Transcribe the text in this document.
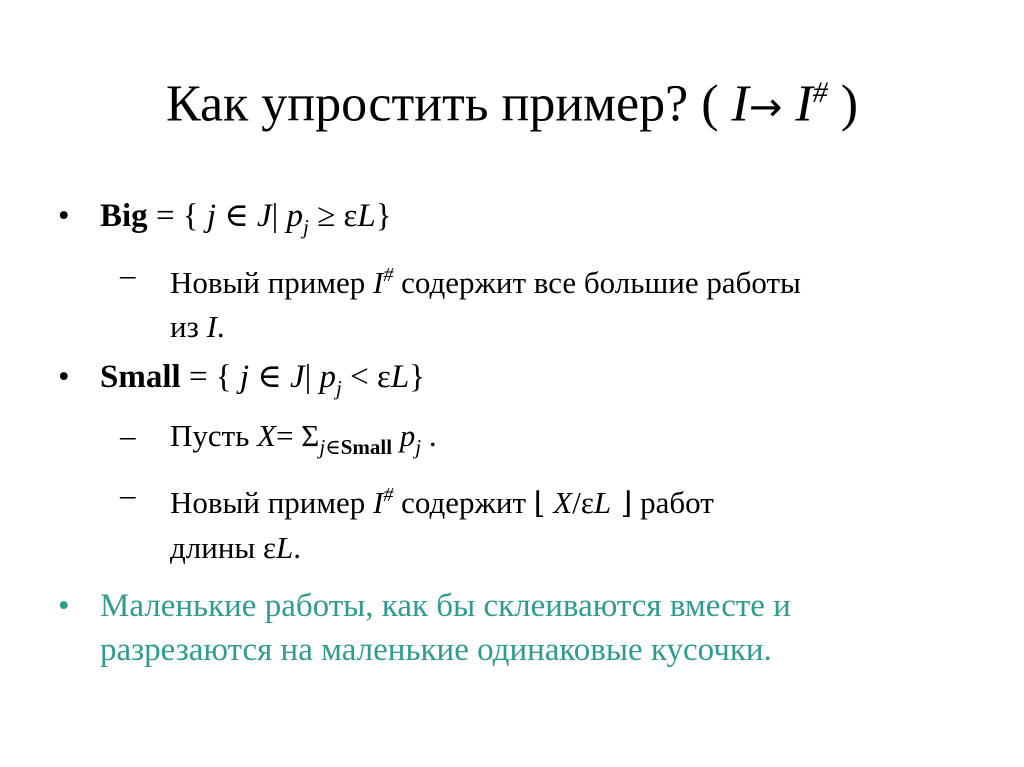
Как упростить пример? ( I→ I# )
• Big = { j ∈ J| $p_j \ge \varepsilon L$}
–	Новый пример I# содержит все большие работы
из I.
• Small = { j ∈ J| $p_j < \varepsilon L$}
–	Пусть $X= \Sigma_{j\in Small}$ $p_j$ .
–	Новый пример I# содержит ⌊ X/εL ⌋ работ
длины εL.
• Маленькие работы, как бы склеиваются вместе и
разрезаются на маленькие одинаковые кусочки.
